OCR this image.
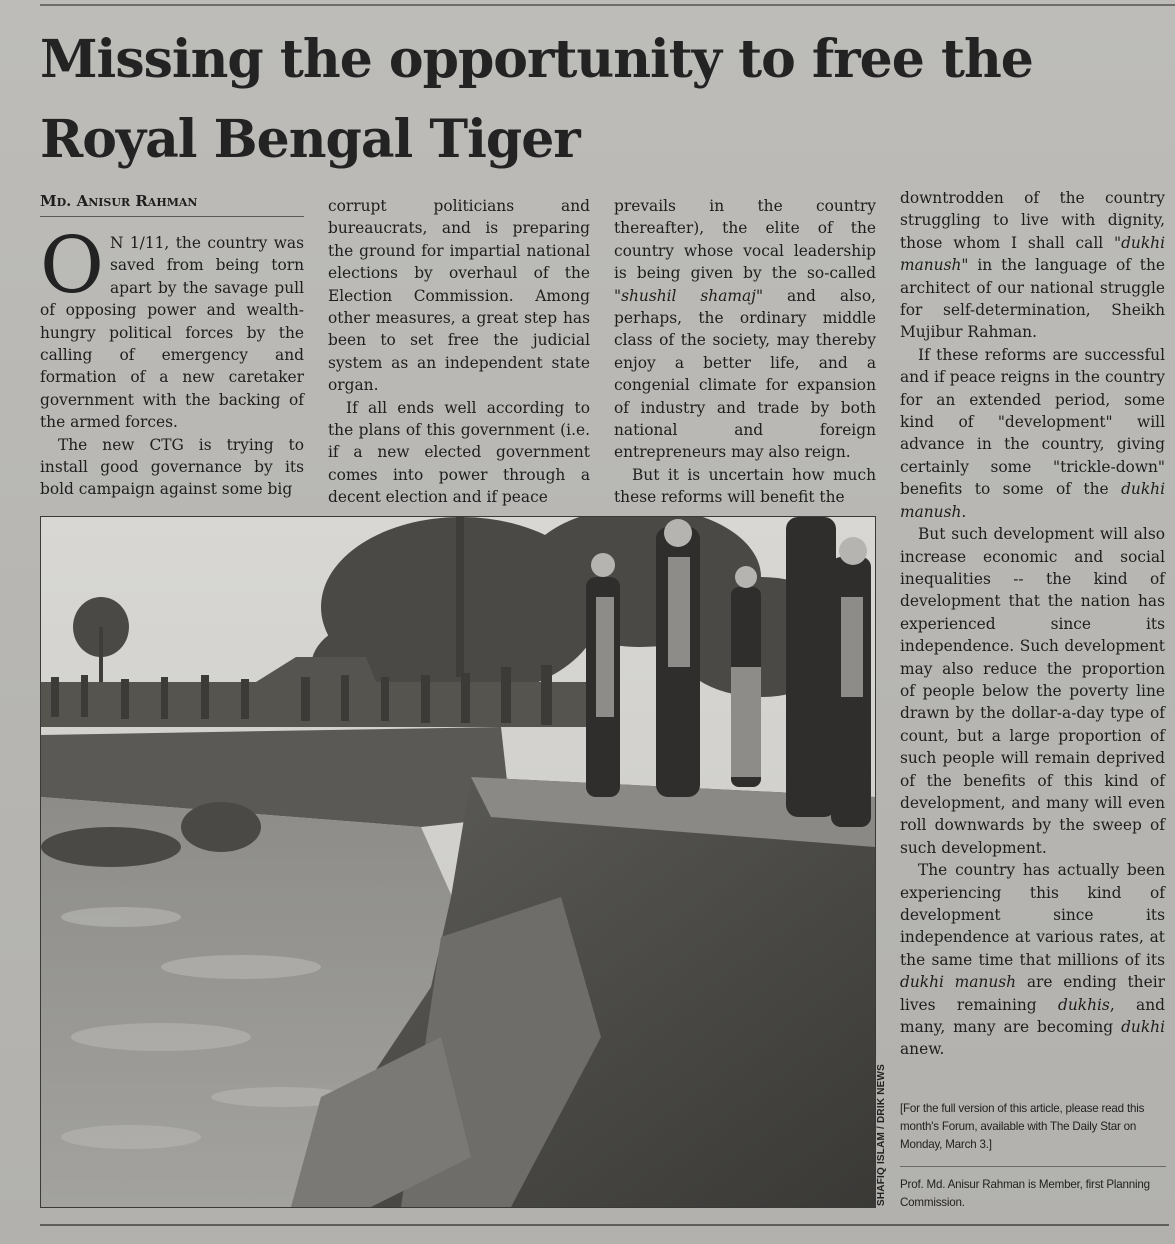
Missing the opportunity to free the Royal Bengal Tiger
Md. Anisur Rahman

O N 1/11, the country was saved from being torn apart by the savage pull of opposing power and wealth-hungry political forces by the calling of emergency and formation of a new caretaker government with the backing of the armed forces.

The new CTG is trying to install good governance by its bold campaign against some big

corrupt politicians and bureaucrats, and is preparing the ground for impartial national elections by overhaul of the Election Commission. Among other measures, a great step has been to set free the judicial system as an independent state organ.

If all ends well according to the plans of this government (i.e. if a new elected government comes into power through a decent election and if peace

prevails in the country thereafter), the elite of the country whose vocal leadership is being given by the so-called "shushil shamaj" and also, perhaps, the ordinary middle class of the society, may thereby enjoy a better life, and a congenial climate for expansion of industry and trade by both national and foreign entrepreneurs may also reign.

But it is uncertain how much these reforms will benefit the

downtrodden of the country struggling to live with dignity, those whom I shall call "dukhi manush" in the language of the architect of our national struggle for self-determination, Sheikh Mujibur Rahman.

If these reforms are successful and if peace reigns in the country for an extended period, some kind of "development" will advance in the country, giving certainly some "trickle-down" benefits to some of the dukhi manush.

But such development will also increase economic and social inequalities -- the kind of development that the nation has experienced since its independence. Such development may also reduce the proportion of people below the poverty line drawn by the dollar-a-day type of count, but a large proportion of such people will remain deprived of the benefits of this kind of development, and many will even roll downwards by the sweep of such development.

The country has actually been experiencing this kind of development since its independence at various rates, at the same time that millions of its dukhi manush are ending their lives remaining dukhis, and many, many are becoming dukhi anew.

SHAFIQ ISLAM / DRIK NEWS	[For the full version of this article, please read this month's Forum, available with The Daily Star on Monday, March 3.]
Prof. Md. Anisur Rahman is Member, first Planning Commission.
